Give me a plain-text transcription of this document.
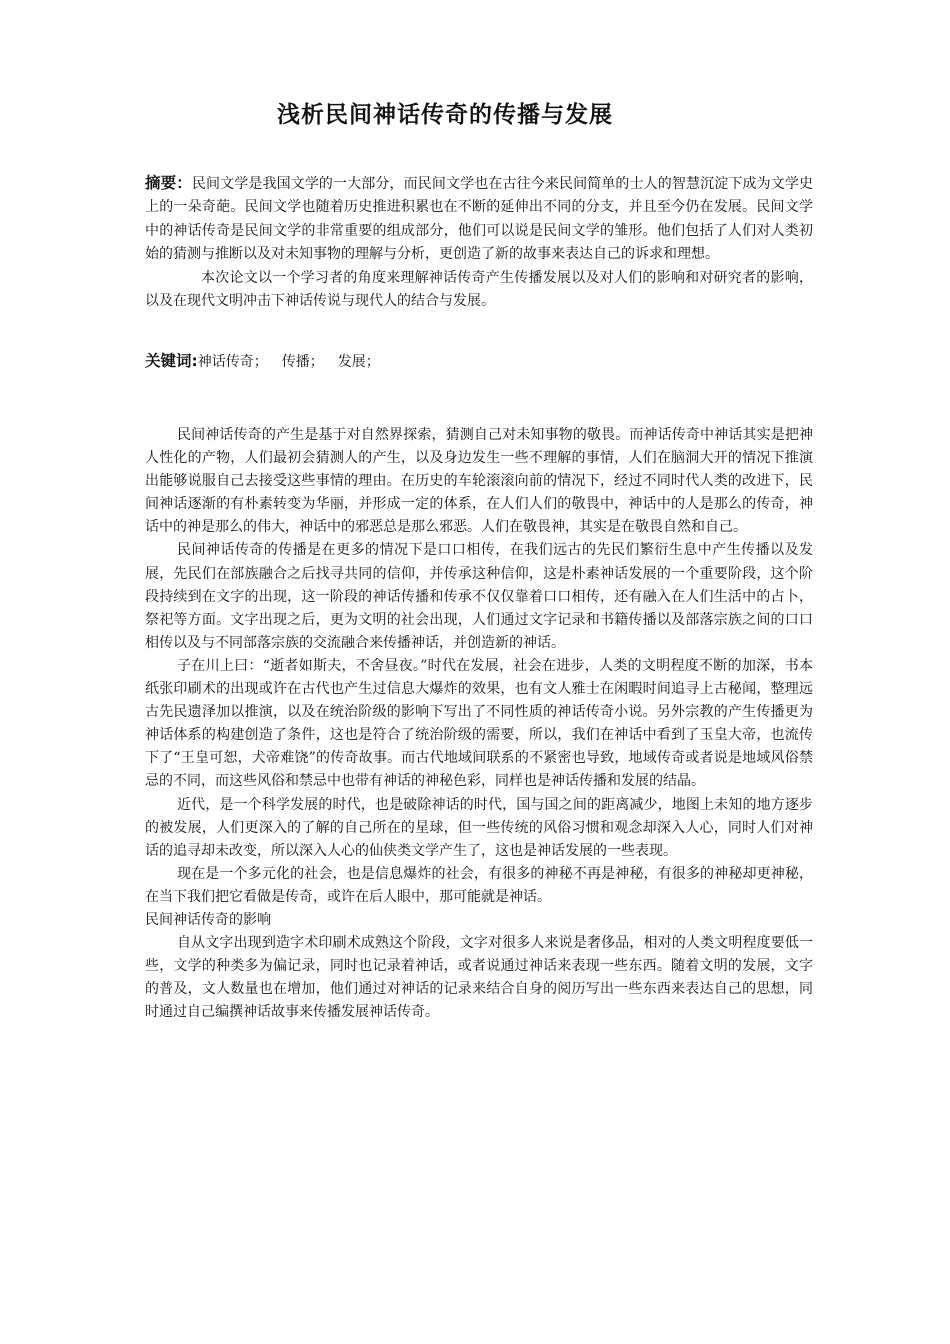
浅析民间神话传奇的传播与发展

摘要：民间文学是我国文学的一大部分，而民间文学也在古往今来民间简单的士人的智慧沉淀下成为文学史上的一朵奇葩。民间文学也随着历史推进积累也在不断的延伸出不同的分支，并且至今仍在发展。民间文学中的神话传奇是民间文学的非常重要的组成部分，他们可以说是民间文学的雏形。他们包括了人们对人类初始的猜测与推断以及对未知事物的理解与分析，更创造了新的故事来表达自己的诉求和理想。

本次论文以一个学习者的角度来理解神话传奇产生传播发展以及对人们的影响和对研究者的影响，以及在现代文明冲击下神话传说与现代人的结合与发展。

关键词:神话传奇； 传播； 发展；

民间神话传奇的产生是基于对自然界探索，猜测自己对未知事物的敬畏。而神话传奇中神话其实是把神人性化的产物，人们最初会猜测人的产生，以及身边发生一些不理解的事情，人们在脑洞大开的情况下推演出能够说服自己去接受这些事情的理由。在历史的车轮滚滚向前的情况下，经过不同时代人类的改进下，民间神话逐渐的有朴素转变为华丽，并形成一定的体系，在人们人们的敬畏中，神话中的人是那么的传奇，神话中的神是那么的伟大，神话中的邪恶总是那么邪恶。人们在敬畏神，其实是在敬畏自然和自己。

民间神话传奇的传播是在更多的情况下是口口相传，在我们远古的先民们繁衍生息中产生传播以及发展，先民们在部族融合之后找寻共同的信仰，并传承这种信仰，这是朴素神话发展的一个重要阶段，这个阶段持续到在文字的出现，这一阶段的神话传播和传承不仅仅靠着口口相传，还有融入在人们生活中的占卜，祭祀等方面。文字出现之后，更为文明的社会出现，人们通过文字记录和书籍传播以及部落宗族之间的口口相传以及与不同部落宗族的交流融合来传播神话，并创造新的神话。

子在川上曰：“逝者如斯夫，不舍昼夜。”时代在发展，社会在进步，人类的文明程度不断的加深，书本纸张印刷术的出现或许在古代也产生过信息大爆炸的效果，也有文人雅士在闲暇时间追寻上古秘闻，整理远古先民遗泽加以推演，以及在统治阶级的影响下写出了不同性质的神话传奇小说。另外宗教的产生传播更为神话体系的构建创造了条件，这也是符合了统治阶级的需要，所以，我们在神话中看到了玉皇大帝，也流传下了“王皇可恕，犬帝难饶”的传奇故事。而古代地域间联系的不紧密也导致，地域传奇或者说是地域风俗禁忌的不同，而这些风俗和禁忌中也带有神话的神秘色彩，同样也是神话传播和发展的结晶。

近代，是一个科学发展的时代，也是破除神话的时代，国与国之间的距离减少，地图上未知的地方逐步的被发展，人们更深入的了解的自己所在的星球，但一些传统的风俗习惯和观念却深入人心，同时人们对神话的追寻却未改变，所以深入人心的仙侠类文学产生了，这也是神话发展的一些表现。

现在是一个多元化的社会，也是信息爆炸的社会，有很多的神秘不再是神秘，有很多的神秘却更神秘，在当下我们把它看做是传奇，或许在后人眼中，那可能就是神话。

民间神话传奇的影响

自从文字出现到造字术印刷术成熟这个阶段，文字对很多人来说是奢侈品，相对的人类文明程度要低一些，文学的种类多为偏记录，同时也记录着神话，或者说通过神话来表现一些东西。随着文明的发展，文字的普及，文人数量也在增加，他们通过对神话的记录来结合自身的阅历写出一些东西来表达自己的思想，同时通过自己编撰神话故事来传播发展神话传奇。
